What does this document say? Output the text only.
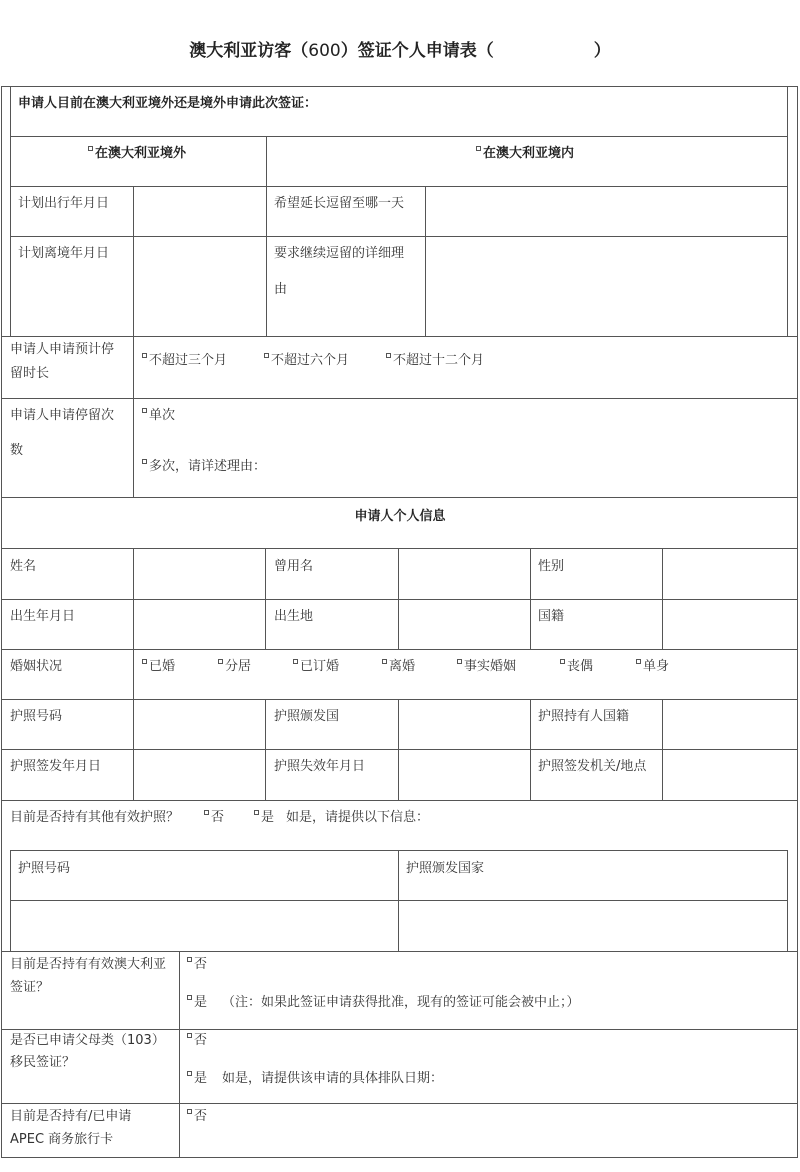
澳大利亚访客（600）签证个人申请表（	）
申请人目前在澳大利亚境外还是境外申请此次签证：
在澳大利亚境外	在澳大利亚境内
计划出行年月日	希望延长逗留至哪一天
计划离境年月日	要求继续逗留的详细理
由
申请人申请预计停
留时长
不超过三个月	不超过六个月	不超过十二个月
申请人申请停留次
数
单次
多次，请详述理由：
申请人个人信息
姓名	曾用名	性别
出生年月日	出生地	国籍
婚姻状况	已婚	分居	已订婚	离婚	事实婚姻	丧偶	单身
护照号码	护照颁发国	护照持有人国籍
护照签发年月日	护照失效年月日	护照签发机关/地点
目前是否持有其他有效护照？	否	是 如是，请提供以下信息：
护照号码	护照颁发国家
目前是否持有有效澳大利亚
签证？
否
是 （注：如果此签证申请获得批准，现有的签证可能会被中止；）
是否已申请父母类（103）
移民签证？
否
是 如是，请提供该申请的具体排队日期：
目前是否持有/已申请
APEC 商务旅行卡
否
